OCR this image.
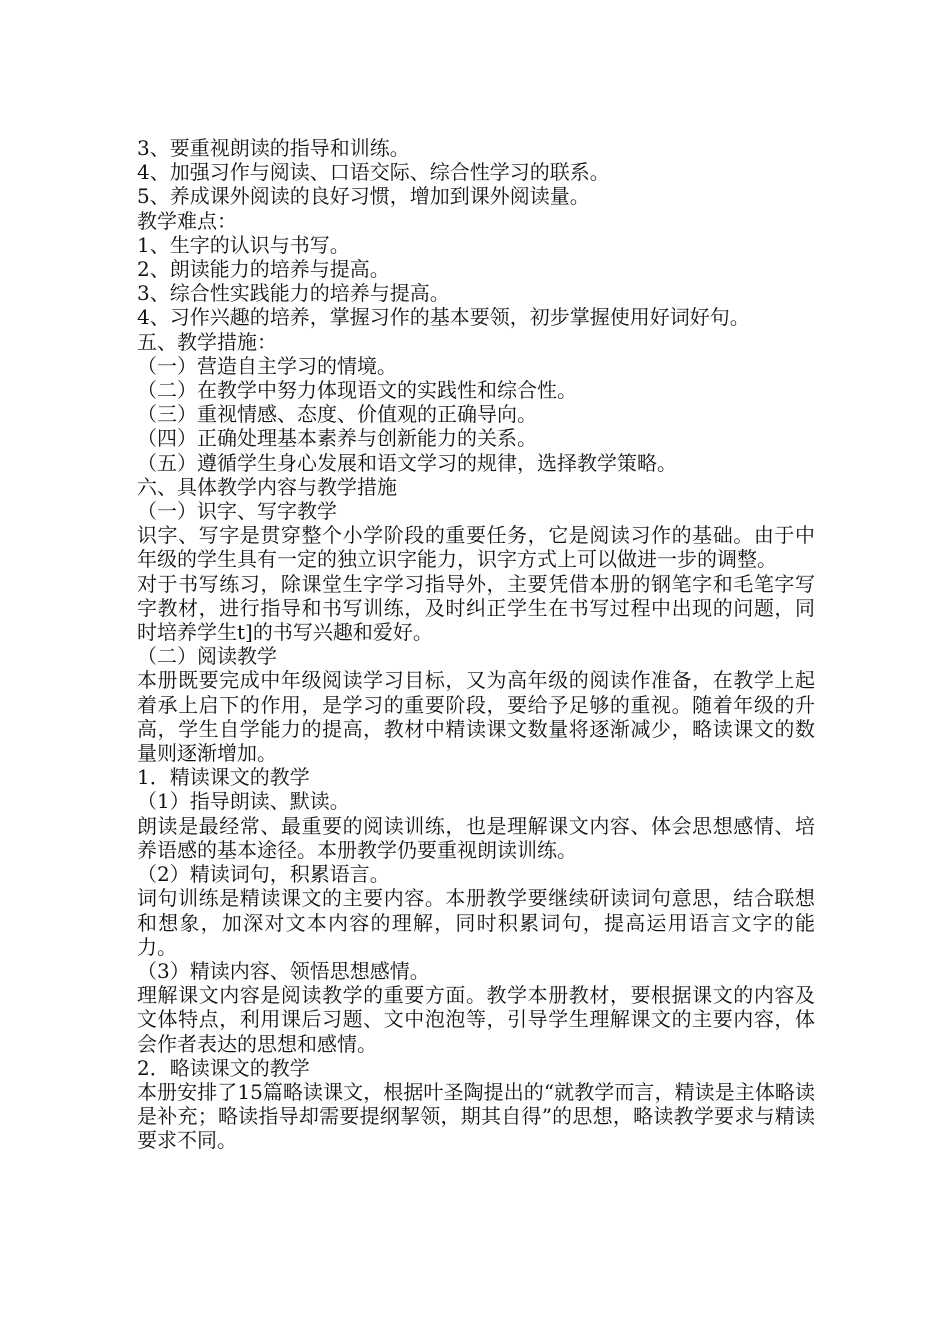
3、要重视朗读的指导和训练。

4、加强习作与阅读、口语交际、综合性学习的联系。

5、养成课外阅读的良好习惯，增加到课外阅读量。

教学难点：

1、生字的认识与书写。

2、朗读能力的培养与提高。

3、综合性实践能力的培养与提高。

4、习作兴趣的培养，掌握习作的基本要领，初步掌握使用好词好句。

五、教学措施：

（一）营造自主学习的情境。

（二）在教学中努力体现语文的实践性和综合性。

（三）重视情感、态度、价值观的正确导向。

（四）正确处理基本素养与创新能力的关系。

（五）遵循学生身心发展和语文学习的规律，选择教学策略。

六、具体教学内容与教学措施

（一）识字、写字教学

识字、写字是贯穿整个小学阶段的重要任务，它是阅读习作的基础。由于中年级的学生具有一定的独立识字能力，识字方式上可以做进一步的调整。

对于书写练习，除课堂生字学习指导外，主要凭借本册的钢笔字和毛笔字写字教材，进行指导和书写训练，及时纠正学生在书写过程中出现的问题，同时培养学生t]的书写兴趣和爱好。

（二）阅读教学

本册既要完成中年级阅读学习目标，又为高年级的阅读作准备，在教学上起着承上启下的作用，是学习的重要阶段，要给予足够的重视。随着年级的升高，学生自学能力的提高，教材中精读课文数量将逐渐减少，略读课文的数量则逐渐增加。

1．精读课文的教学

（1）指导朗读、默读。

朗读是最经常、最重要的阅读训练，也是理解课文内容、体会思想感情、培养语感的基本途径。本册教学仍要重视朗读训练。

（2）精读词句，积累语言。

词句训练是精读课文的主要内容。本册教学要继续研读词句意思，结合联想和想象，加深对文本内容的理解，同时积累词句，提高运用语言文字的能力。

（3）精读内容、领悟思想感情。

理解课文内容是阅读教学的重要方面。教学本册教材，要根据课文的内容及文体特点，利用课后习题、文中泡泡等，引导学生理解课文的主要内容，体会作者表达的思想和感情。

2．略读课文的教学

本册安排了15篇略读课文，根据叶圣陶提出的“就教学而言，精读是主体略读是补充；略读指导却需要提纲挈领，期其自得”的思想，略读教学要求与精读要求不同。
